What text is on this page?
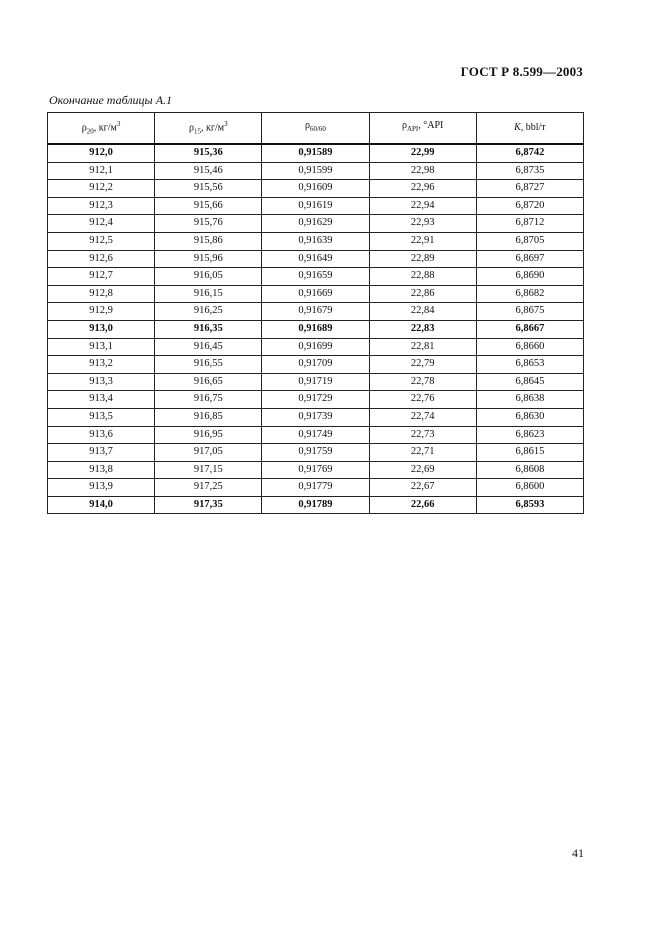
ГОСТ Р 8.599—2003
Окончание таблицы А.1
$\rho_{20}$, $кг/м^3$	$\rho_{15}$, $кг/м^3$	$\rho_{60/60}$	$\rho_{API}$, °API	K, bbl/т
912,0	915,36	0,91589	22,99	6,8742
912,1	915,46	0,91599	22,98	6,8735
912,2	915,56	0,91609	22,96	6,8727
912,3	915,66	0,91619	22,94	6,8720
912,4	915,76	0,91629	22,93	6,8712
912,5	915,86	0,91639	22,91	6,8705
912,6	915,96	0,91649	22,89	6,8697
912,7	916,05	0,91659	22,88	6,8690
912,8	916,15	0,91669	22,86	6,8682
912,9	916,25	0,91679	22,84	6,8675
913,0	916,35	0,91689	22,83	6,8667
913,1	916,45	0,91699	22,81	6,8660
913,2	916,55	0,91709	22,79	6,8653
913,3	916,65	0,91719	22,78	6,8645
913,4	916,75	0,91729	22,76	6,8638
913,5	916,85	0,91739	22,74	6,8630
913,6	916,95	0,91749	22,73	6,8623
913,7	917,05	0,91759	22,71	6,8615
913,8	917,15	0,91769	22,69	6,8608
913,9	917,25	0,91779	22,67	6,8600
914,0	917,35	0,91789	22,66	6,8593
41
